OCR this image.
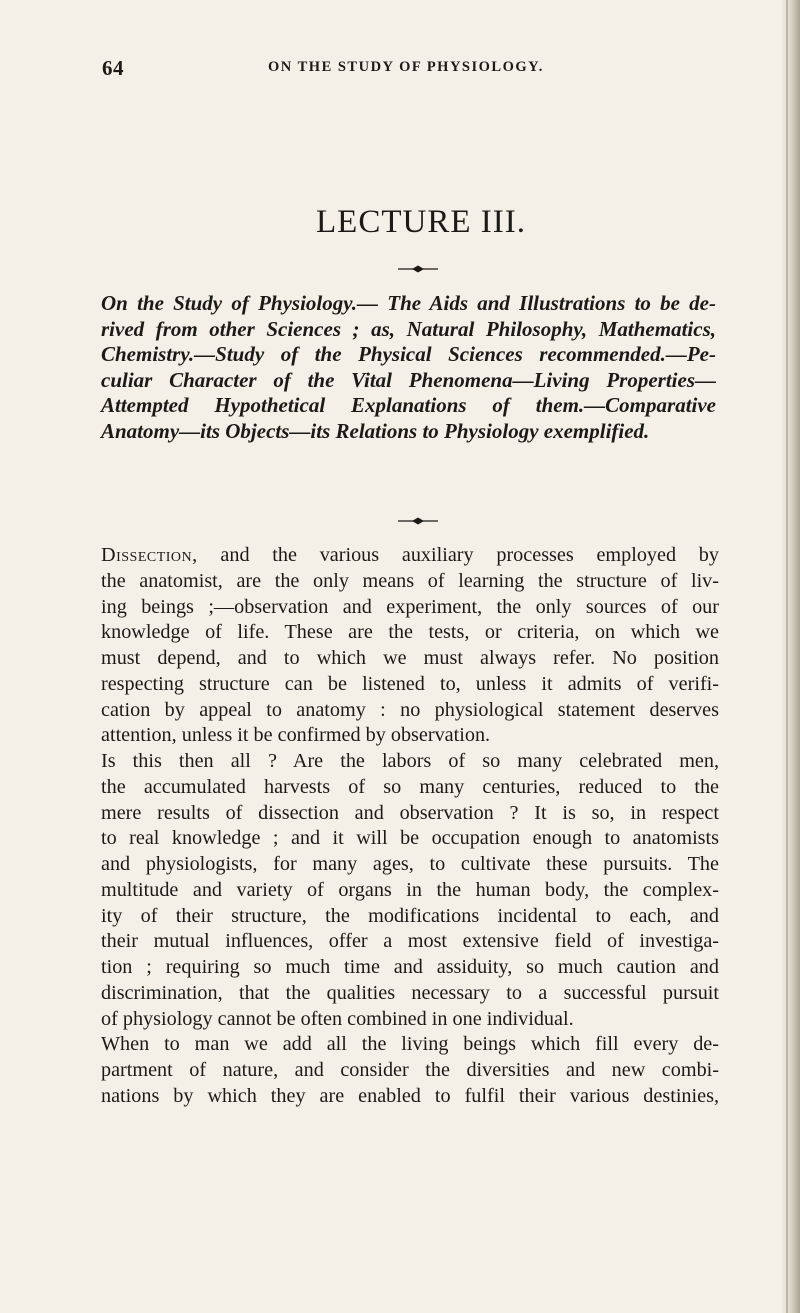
64	ON THE STUDY OF PHYSIOLOGY.
LECTURE III.
On the Study of Physiology.— The Aids and Illustrations to be de-
rived from other Sciences ; as, Natural Philosophy, Mathematics,
Chemistry.—Study of the Physical Sciences recommended.—Pe-
culiar Character of the Vital Phenomena—Living Properties—
Attempted Hypothetical Explanations of them.—Comparative
Anatomy—its Objects—its Relations to Physiology exemplified.
Dissection, and the various auxiliary processes employed by
the anatomist, are the only means of learning the structure of liv-
ing beings ;—observation and experiment, the only sources of our
knowledge of life. These are the tests, or criteria, on which we
must depend, and to which we must always refer. No position
respecting structure can be listened to, unless it admits of verifi-
cation by appeal to anatomy : no physiological statement deserves
attention, unless it be confirmed by observation.
Is this then all ? Are the labors of so many celebrated men,
the accumulated harvests of so many centuries, reduced to the
mere results of dissection and observation ? It is so, in respect
to real knowledge ; and it will be occupation enough to anatomists
and physiologists, for many ages, to cultivate these pursuits. The
multitude and variety of organs in the human body, the complex-
ity of their structure, the modifications incidental to each, and
their mutual influences, offer a most extensive field of investiga-
tion ; requiring so much time and assiduity, so much caution and
discrimination, that the qualities necessary to a successful pursuit
of physiology cannot be often combined in one individual.
When to man we add all the living beings which fill every de-
partment of nature, and consider the diversities and new combi-
nations by which they are enabled to fulfil their various destinies,
